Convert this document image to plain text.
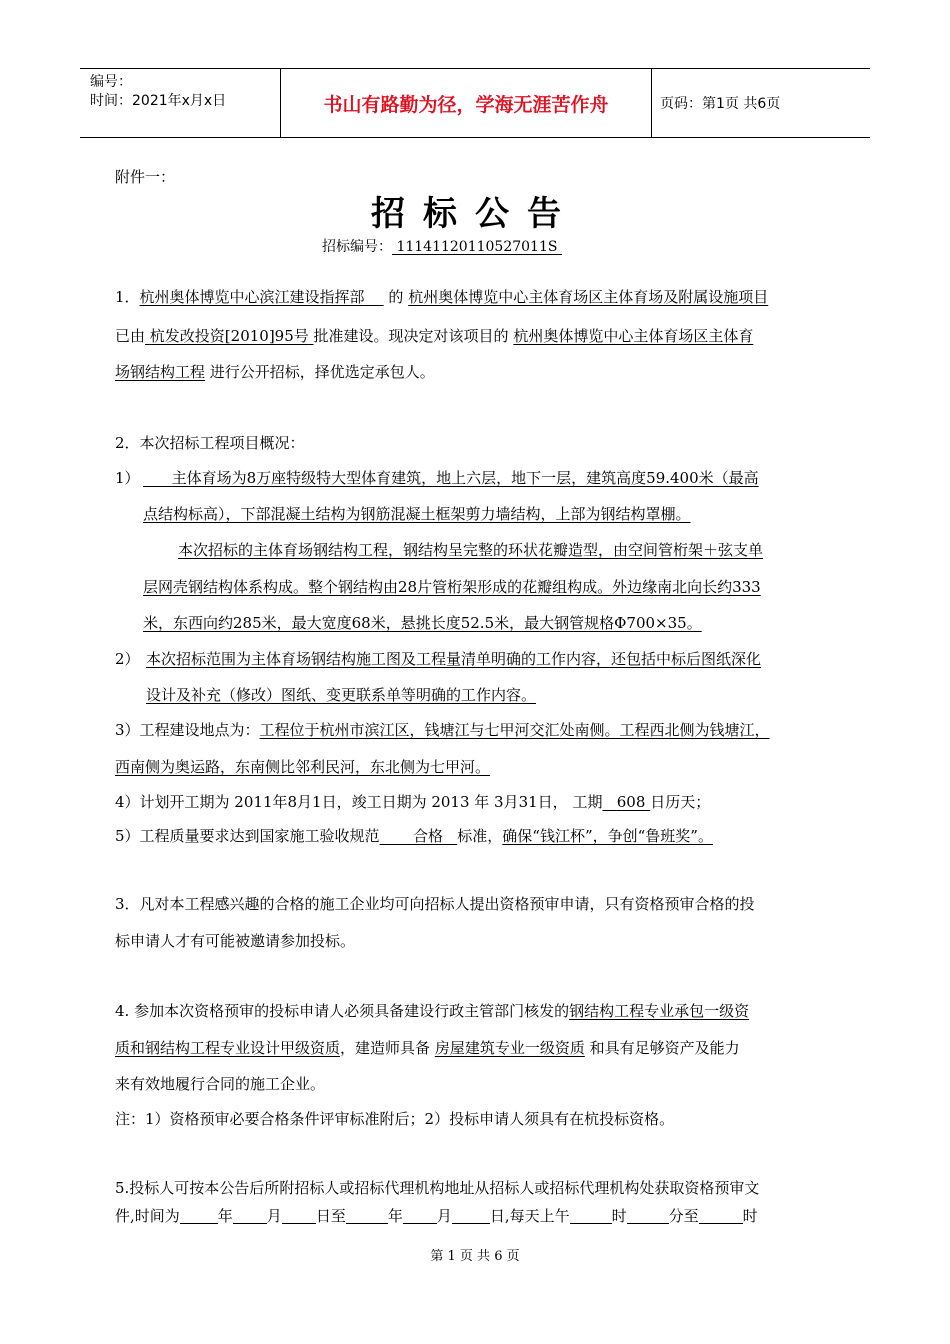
编号：
时间：2021年x月x日	书山有路勤为径，学海无涯苦作舟	页码：第1页 共6页
附件一：
招标公告
招标编号： 11141120110527011S
1．杭州奥体博览中心滨江建设指挥部 的 杭州奥体博览中心主体育场区主体育场及附属设施项目
已由 杭发改投资[2010]95号 批准建设。现决定对该项目的 杭州奥体博览中心主体育场区主体育
场钢结构工程 进行公开招标，择优选定承包人。
2．本次招标工程项目概况：
1）	主体育场为8万座特级特大型体育建筑，地上六层，地下一层，建筑高度59.400米（最高
点结构标高），下部混凝土结构为钢筋混凝土框架剪力墙结构，上部为钢结构罩棚。
本次招标的主体育场钢结构工程，钢结构呈完整的环状花瓣造型，由空间管桁架＋弦支单
层网壳钢结构体系构成。整个钢结构由28片管桁架形成的花瓣组构成。外边缘南北向长约333
米，东西向约285米，最大宽度68米，悬挑长度52.5米，最大钢管规格Φ700×35。
2） 本次招标范围为主体育场钢结构施工图及工程量清单明确的工作内容，还包括中标后图纸深化
设计及补充（修改）图纸、变更联系单等明确的工作内容。
3）工程建设地点为：工程位于杭州市滨江区，钱塘江与七甲河交汇处南侧。工程西北侧为钱塘江，
西南侧为奥运路，东南侧比邻利民河，东北侧为七甲河。
4）计划开工期为 2011年8月1日，竣工日期为 2013 年 3月31日， 工期 608 日历天；
5）工程质量要求达到国家施工验收规范 合格 标准，确保“钱江杯”，争创“鲁班奖”。
3．凡对本工程感兴趣的合格的施工企业均可向招标人提出资格预审申请，只有资格预审合格的投
标申请人才有可能被邀请参加投标。
4. 参加本次资格预审的投标申请人必须具备建设行政主管部门核发的钢结构工程专业承包一级资
质和钢结构工程专业设计甲级资质，建造师具备 房屋建筑专业一级资质 和具有足够资产及能力
来有效地履行合同的施工企业。
注：1）资格预审必要合格条件评审标准附后；2）投标申请人须具有在杭投标资格。
5.投标人可按本公告后所附招标人或招标代理机构地址从招标人或招标代理机构处获取资格预审文
件,时间为	年 月 日至	年 月	日,每天上午	时	分至	时
第 1 页 共 6 页
